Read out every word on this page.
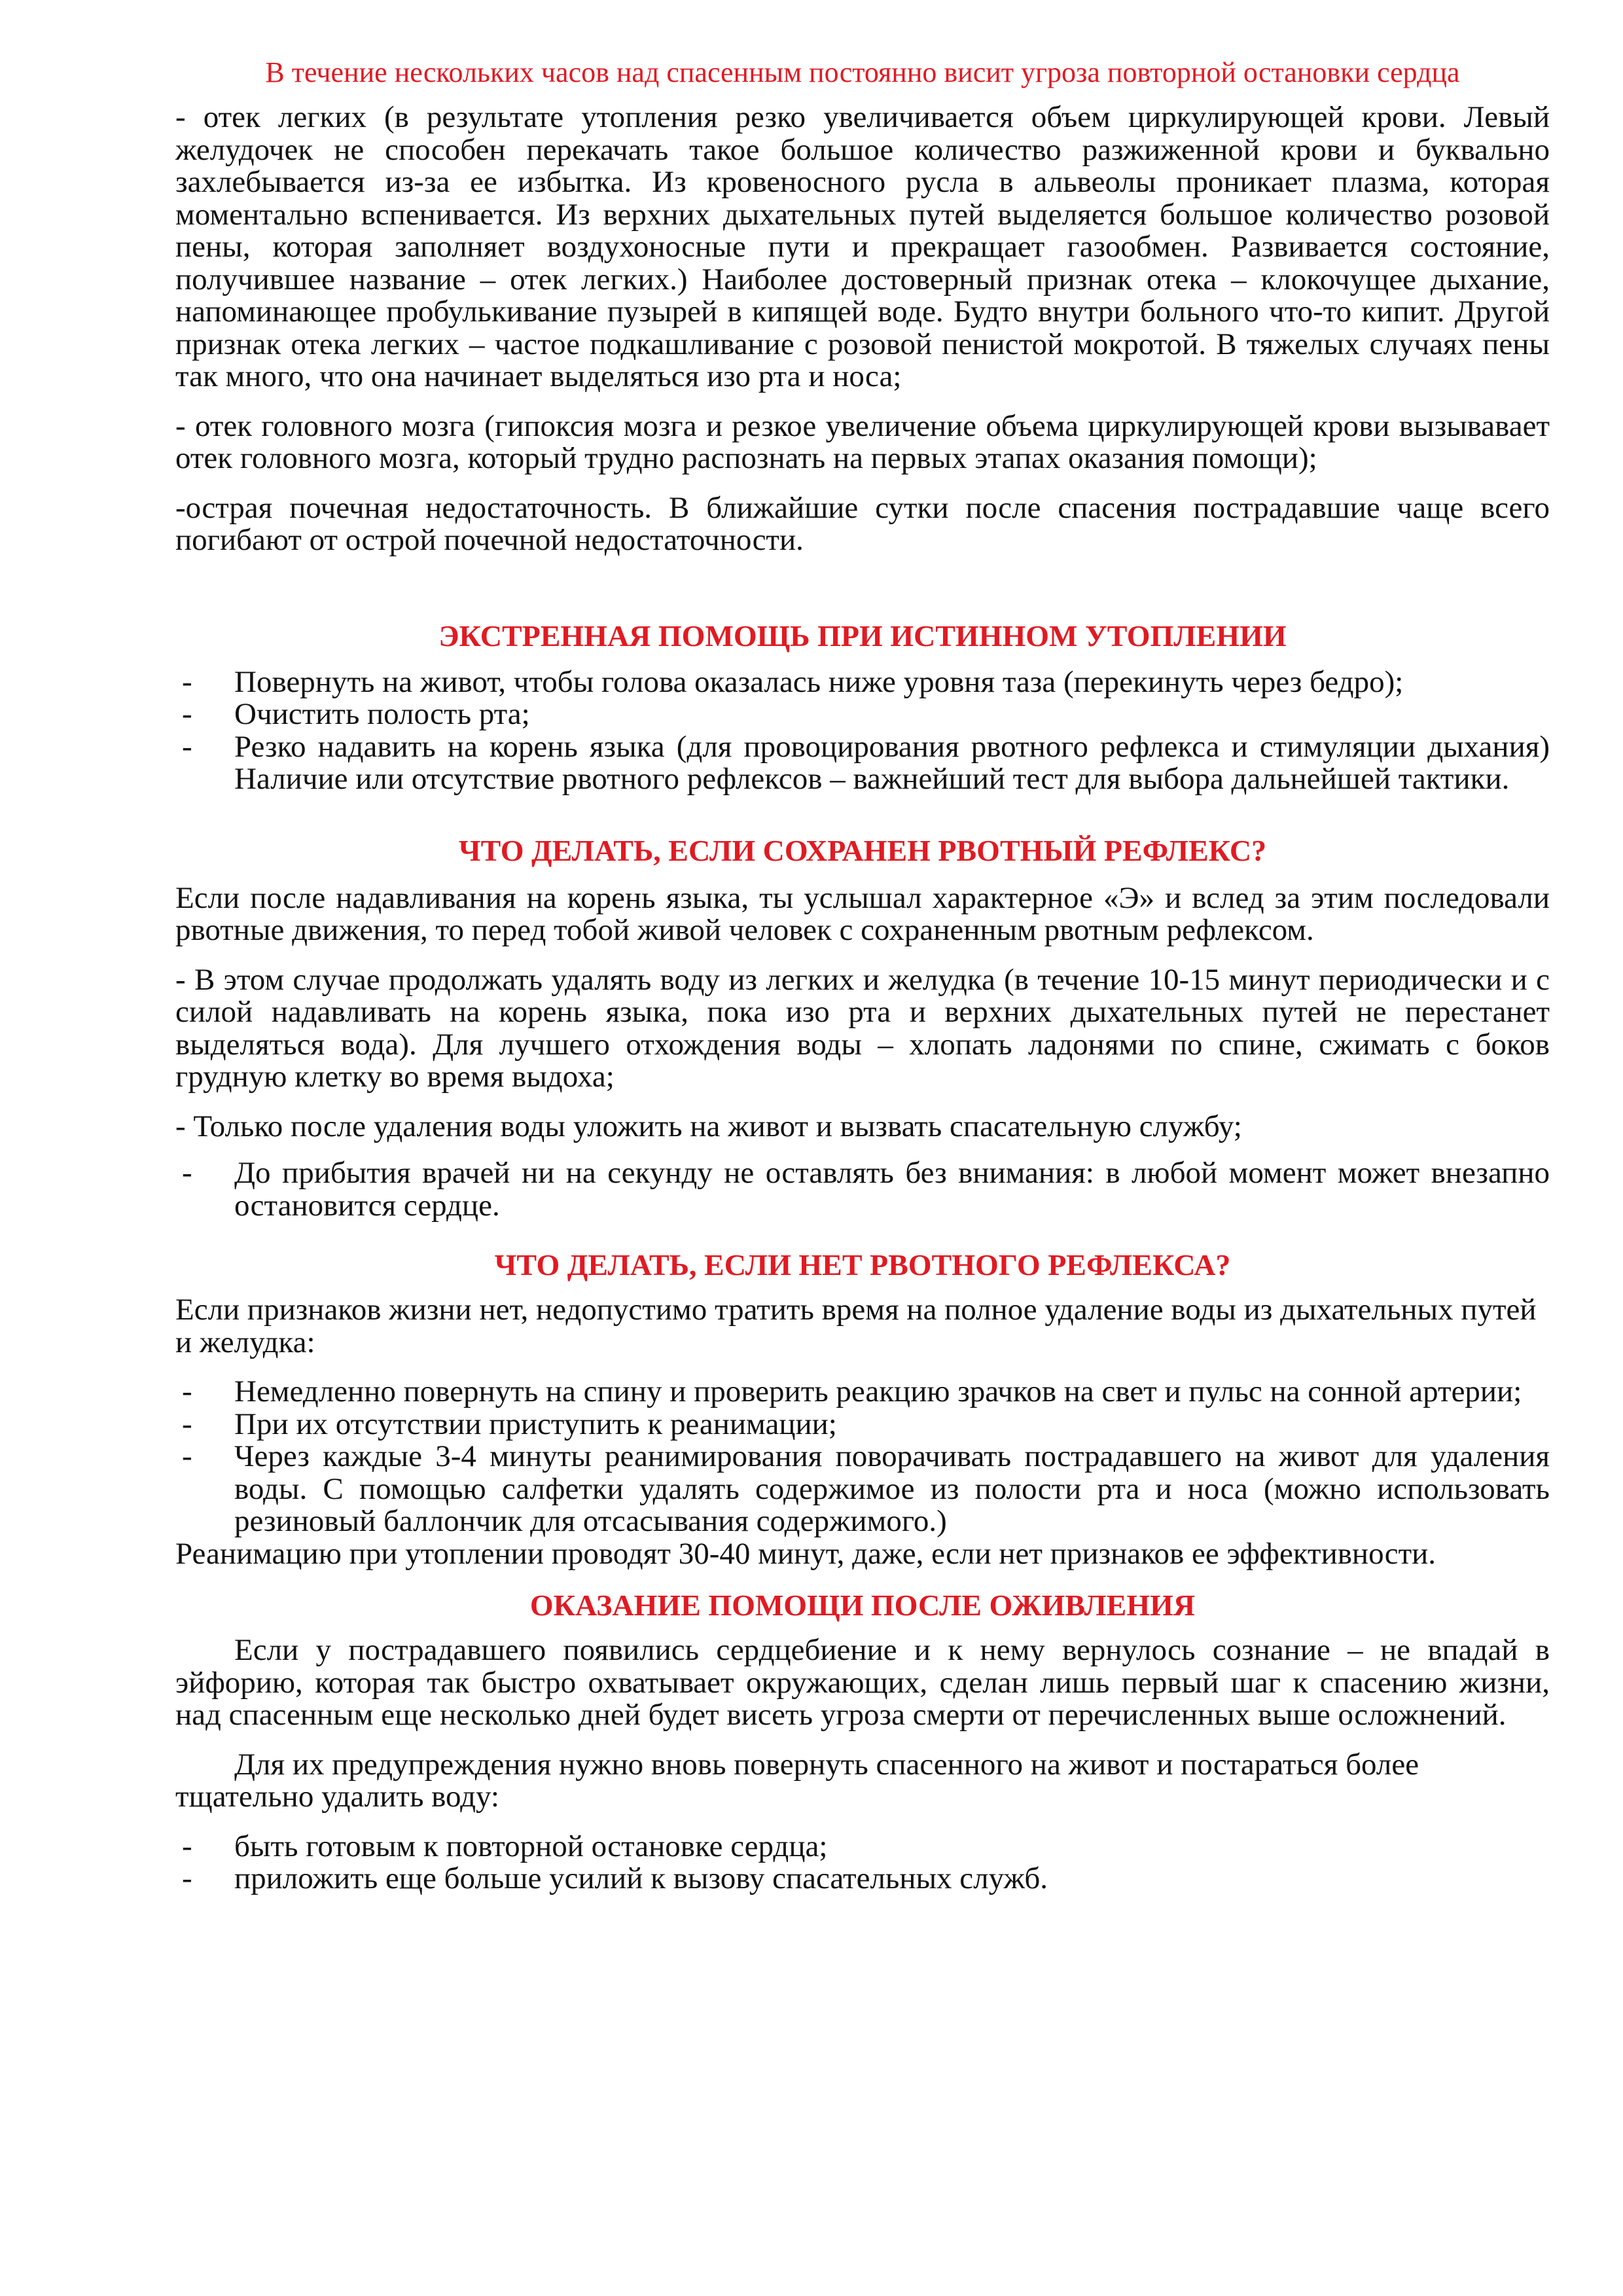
В течение нескольких часов над спасенным постоянно висит угроза повторной остановки сердца

- отек легких (в результате утопления резко увеличивается объем циркулирующей крови. Левый желудочек не способен перекачать такое большое количество разжиженной крови и буквально захлебывается из-за ее избытка. Из кровеносного русла в альвеолы проникает плазма, которая моментально вспенивается. Из верхних дыхательных путей выделяется большое количество розовой пены, которая заполняет воздухоносные пути и прекращает газообмен. Развивается состояние, получившее название – отек легких.) Наиболее достоверный признак отека – клокочущее дыхание, напоминающее пробулькивание пузырей в кипящей воде. Будто внутри больного что-то кипит. Другой признак отека легких – частое подкашливание с розовой пенистой мокротой. В тяжелых случаях пены так много, что она начинает выделяться изо рта и носа;

- отек головного мозга (гипоксия мозга и резкое увеличение объема циркулирующей крови вызывавает отек головного мозга, который трудно распознать на первых этапах оказания помощи);

-острая почечная недостаточность. В ближайшие сутки после спасения пострадавшие чаще всего погибают от острой почечной недостаточности.

ЭКСТРЕННАЯ ПОМОЩЬ ПРИ ИСТИННОМ УТОПЛЕНИИ
- Повернуть на живот, чтобы голова оказалась ниже уровня таза (перекинуть через бедро);
- Очистить полость рта;
- Резко надавить на корень языка (для провоцирования рвотного рефлекса и стимуляции дыхания) Наличие или отсутствие рвотного рефлексов – важнейший тест для выбора дальнейшей тактики.
ЧТО ДЕЛАТЬ, ЕСЛИ СОХРАНЕН РВОТНЫЙ РЕФЛЕКС?

Если после надавливания на корень языка, ты услышал характерное «Э» и вслед за этим последовали рвотные движения, то перед тобой живой человек с сохраненным рвотным рефлексом.

- В этом случае продолжать удалять воду из легких и желудка (в течение 10-15 минут периодически и с силой надавливать на корень языка, пока изо рта и верхних дыхательных путей не перестанет выделяться вода). Для лучшего отхождения воды – хлопать ладонями по спине, сжимать с боков грудную клетку во время выдоха;

- Только после удаления воды уложить на живот и вызвать спасательную службу;

- До прибытия врачей ни на секунду не оставлять без внимания: в любой момент может внезапно остановится сердце.
ЧТО ДЕЛАТЬ, ЕСЛИ НЕТ РВОТНОГО РЕФЛЕКСА?

Если признаков жизни нет, недопустимо тратить время на полное удаление воды из дыхательных путей и желудка:

- Немедленно повернуть на спину и проверить реакцию зрачков на свет и пульс на сонной артерии;
- При их отсутствии приступить к реанимации;
- Через каждые 3-4 минуты реанимирования поворачивать пострадавшего на живот для удаления воды. С помощью салфетки удалять содержимое из полости рта и носа (можно использовать резиновый баллончик для отсасывания содержимого.)

Реанимацию при утоплении проводят 30-40 минут, даже, если нет признаков ее эффективности.

ОКАЗАНИЕ ПОМОЩИ ПОСЛЕ ОЖИВЛЕНИЯ

Если у пострадавшего появились сердцебиение и к нему вернулось сознание – не впадай в эйфорию, которая так быстро охватывает окружающих, сделан лишь первый шаг к спасению жизни, над спасенным еще несколько дней будет висеть угроза смерти от перечисленных выше осложнений.

Для их предупреждения нужно вновь повернуть спасенного на живот и постараться более тщательно удалить воду:

- быть готовым к повторной остановке сердца;
- приложить еще больше усилий к вызову спасательных служб.
